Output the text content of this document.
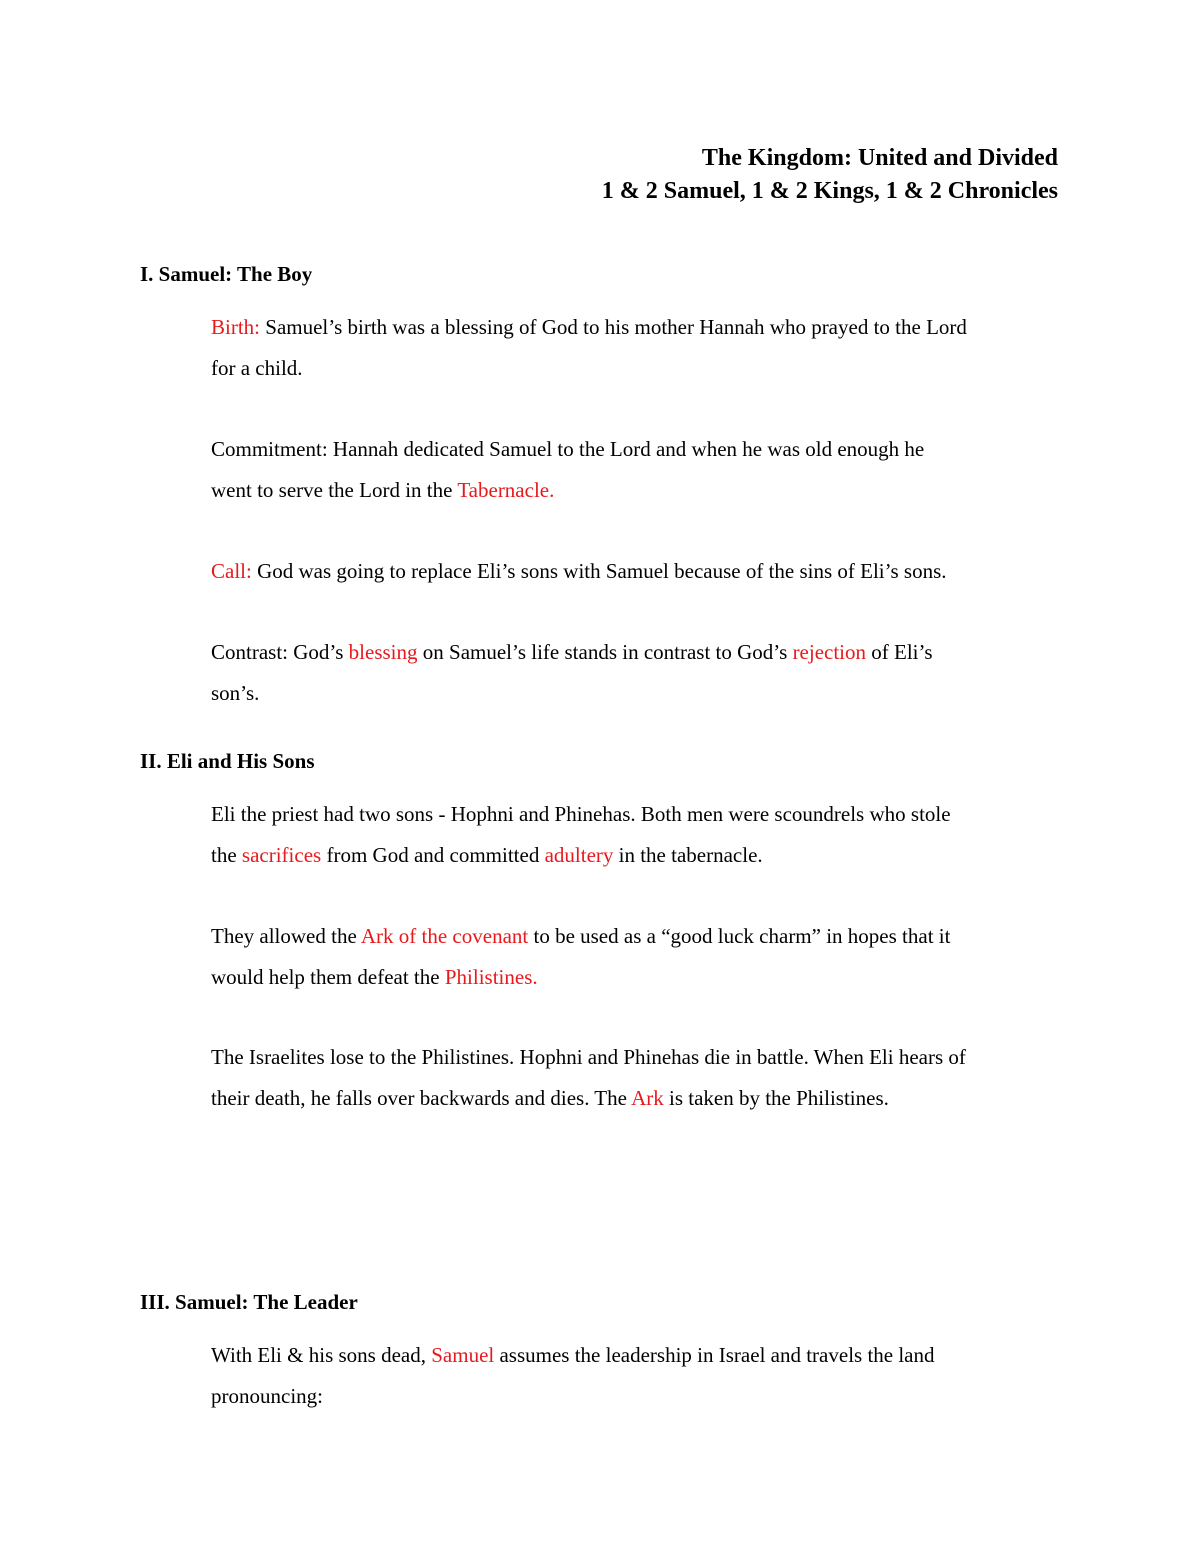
The Kingdom: United and Divided
1 & 2 Samuel, 1 & 2 Kings, 1 & 2 Chronicles
I. Samuel: The Boy
Birth: Samuel’s birth was a blessing of God to his mother Hannah who prayed to the Lord
for a child.
Commitment: Hannah dedicated Samuel to the Lord and when he was old enough he
went to serve the Lord in the Tabernacle.
Call: God was going to replace Eli’s sons with Samuel because of the sins of Eli’s sons.
Contrast: God’s blessing on Samuel’s life stands in contrast to God’s rejection of Eli’s
son’s.
II. Eli and His Sons
Eli the priest had two sons - Hophni and Phinehas. Both men were scoundrels who stole
the sacrifices from God and committed adultery in the tabernacle.
They allowed the Ark of the covenant to be used as a “good luck charm” in hopes that it
would help them defeat the Philistines.
The Israelites lose to the Philistines. Hophni and Phinehas die in battle. When Eli hears of
their death, he falls over backwards and dies. The Ark is taken by the Philistines.
III. Samuel: The Leader
With Eli & his sons dead, Samuel assumes the leadership in Israel and travels the land
pronouncing:
